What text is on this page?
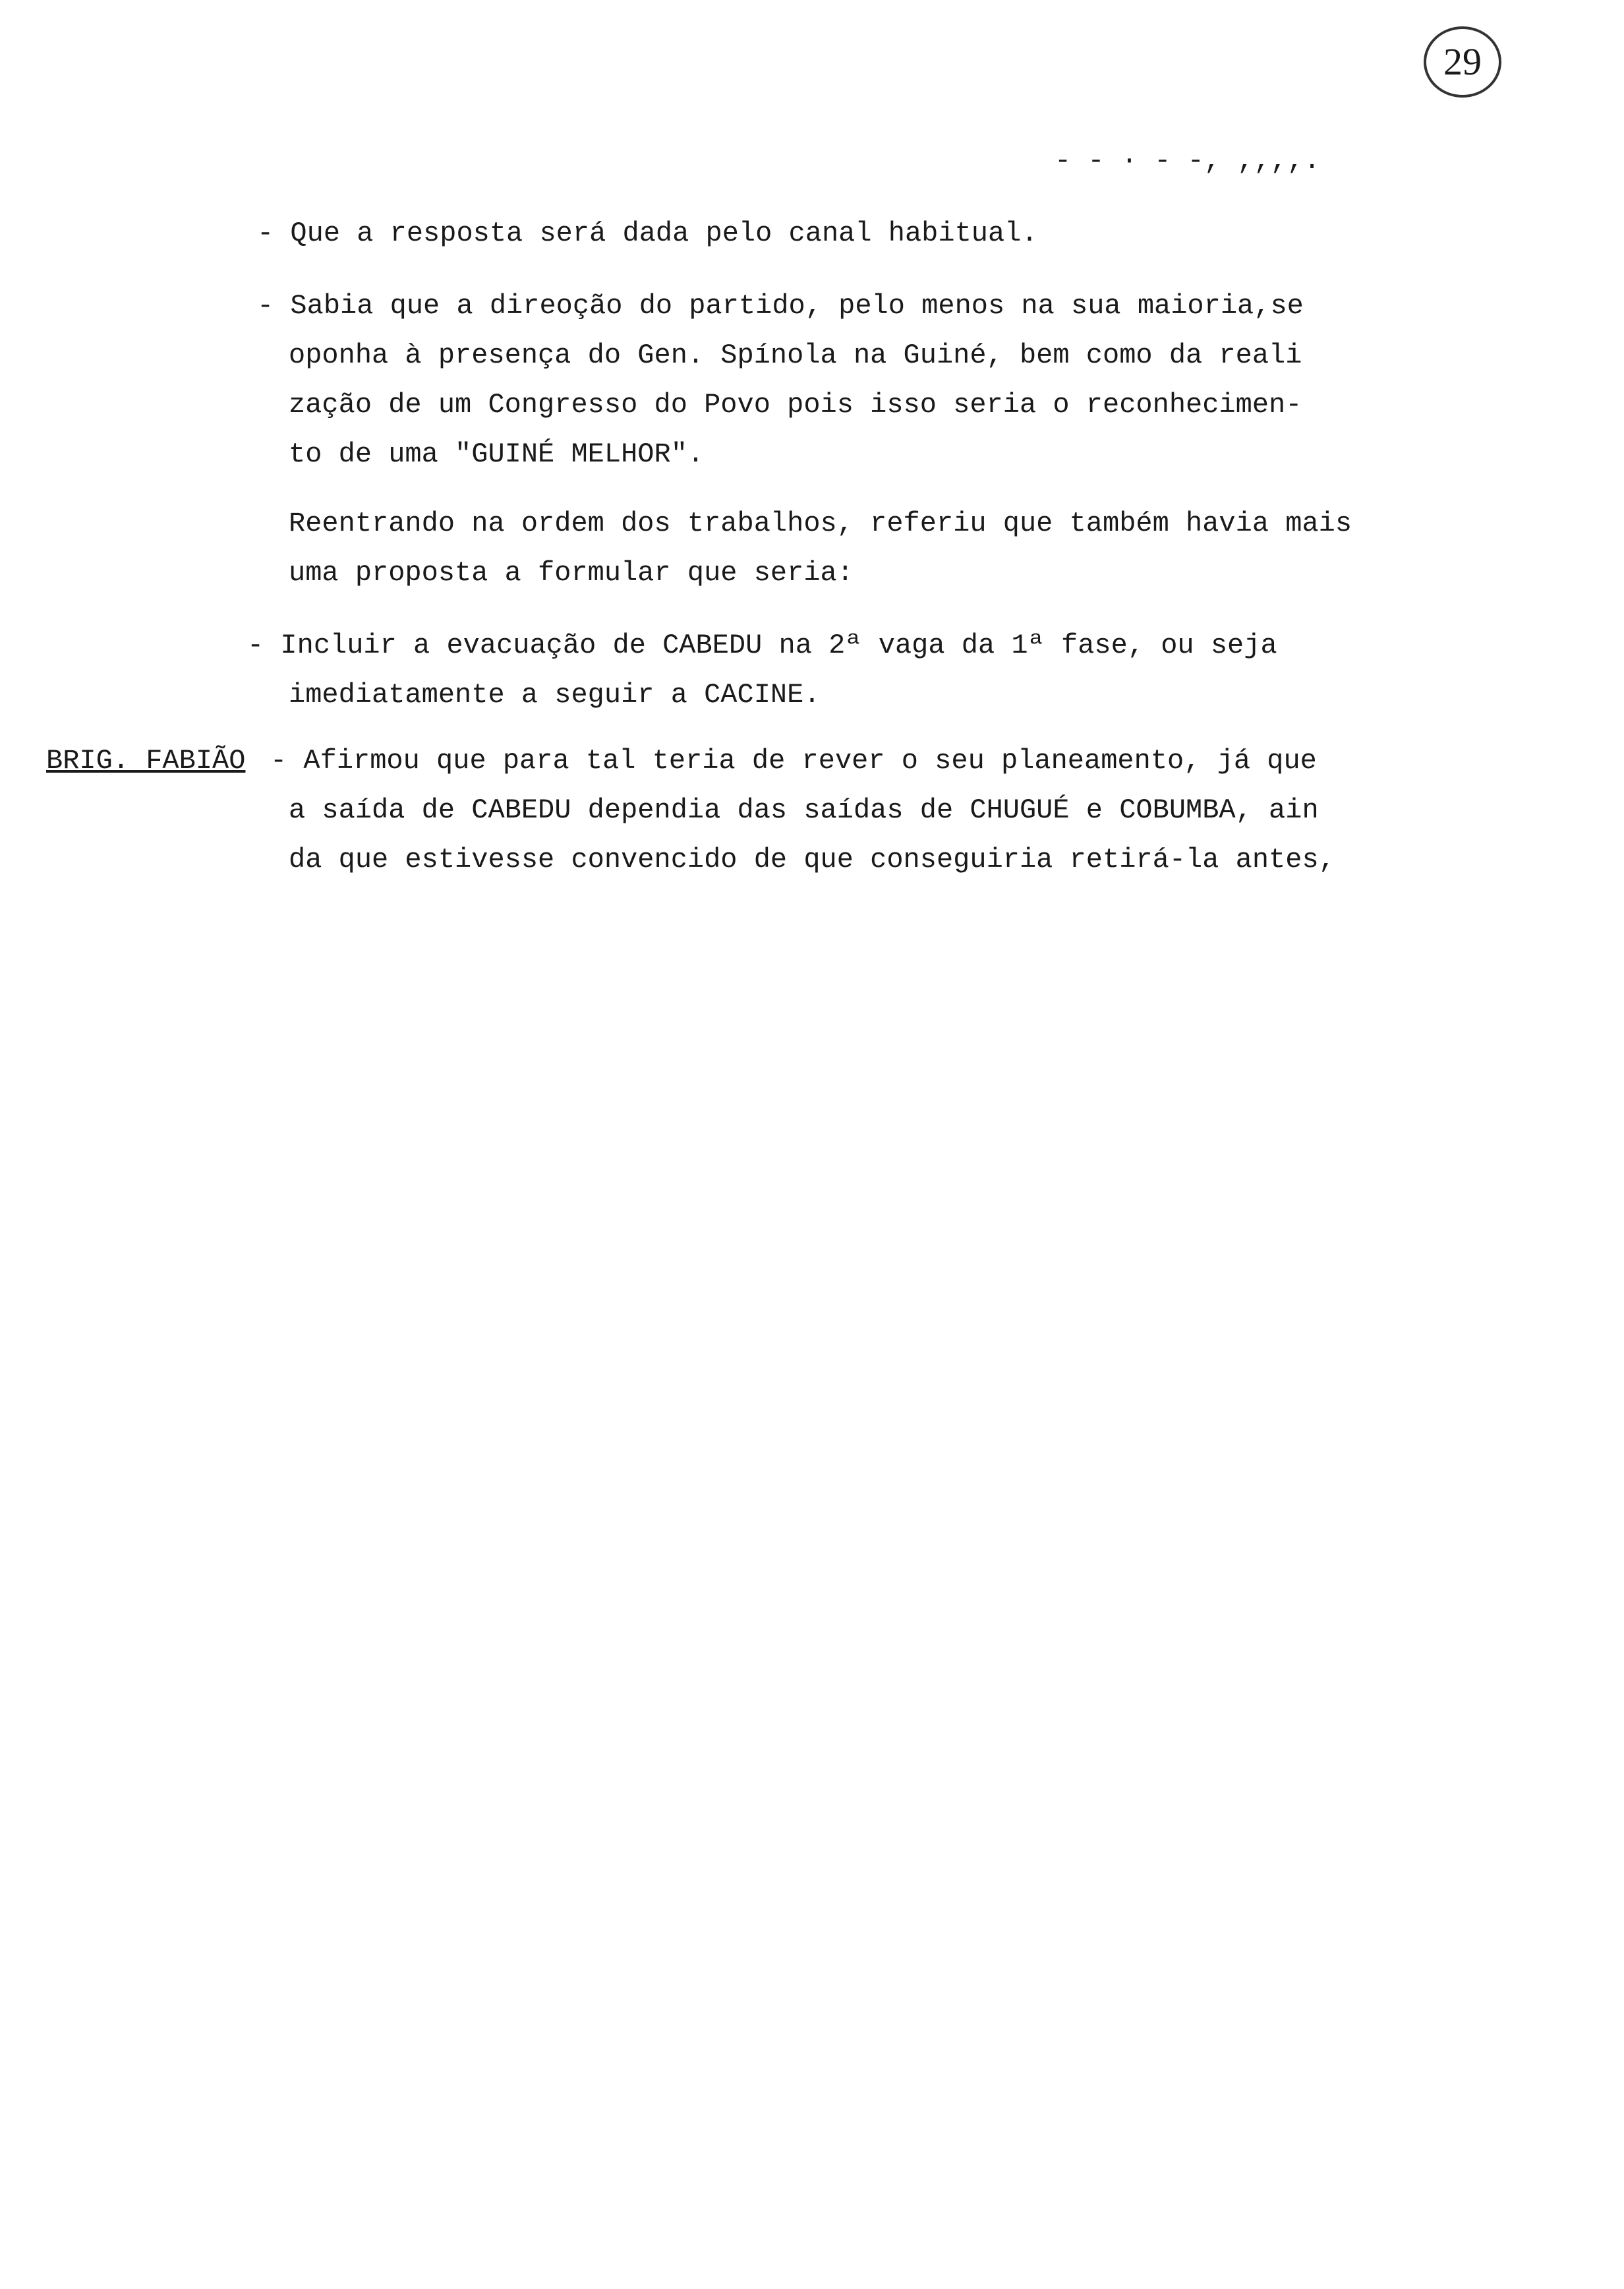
29
- - · - -, ,,,,.
- Que a resposta será dada pelo canal habitual.
- Sabia que a direoção do partido, pelo menos na sua maioria,se
oponha à presença do Gen. Spínola na Guiné, bem como da reali
zação de um Congresso do Povo pois isso seria o reconhecimen-
to de uma "GUINÉ MELHOR".
Reentrando na ordem dos trabalhos, referiu que também havia mais
uma proposta a formular que seria:
- Incluir a evacuação de CABEDU na 2ª vaga da 1ª fase, ou seja
imediatamente a seguir a CACINE.
BRIG. FABIÃO - Afirmou que para tal teria de rever o seu planeamento, já que
a saída de CABEDU dependia das saídas de CHUGUÉ e COBUMBA, ain
da que estivesse convencido de que conseguiria retirá-la antes,
